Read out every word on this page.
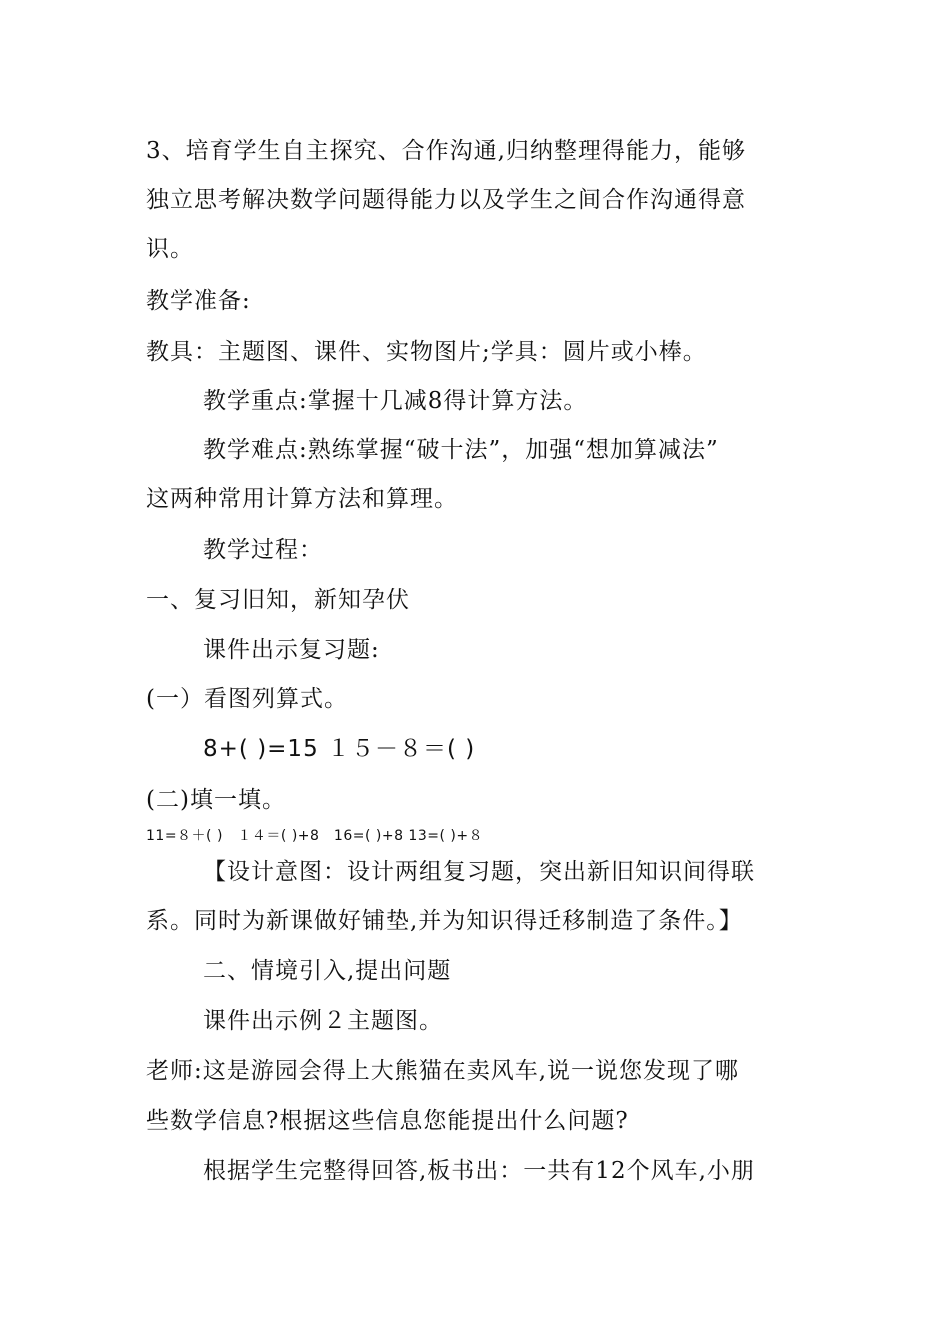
3、培育学生自主探究、合作沟通,归纳整理得能力，能够
独立思考解决数学问题得能力以及学生之间合作沟通得意
识。
教学准备:
教具：主题图、课件、实物图片;学具：圆片或小棒。
教学重点:掌握十几减8得计算方法。
教学难点:熟练掌握“破十法”，加强“想加算减法”
这两种常用计算方法和算理。
教学过程：
一、复习旧知，新知孕伏
课件出示复习题:
(一）看图列算式。
8+( )=15 １５－８＝( )
(二)填一填。
11=８＋( )　１４＝( )+8　16=( )+8 13=( )+８
【设计意图：设计两组复习题，突出新旧知识间得联
系。同时为新课做好铺垫,并为知识得迁移制造了条件。】
二、情境引入,提出问题
课件出示例２主题图。
老师:这是游园会得上大熊猫在卖风车,说一说您发现了哪
些数学信息?根据这些信息您能提出什么问题?
根据学生完整得回答,板书出：一共有12个风车,小朋
